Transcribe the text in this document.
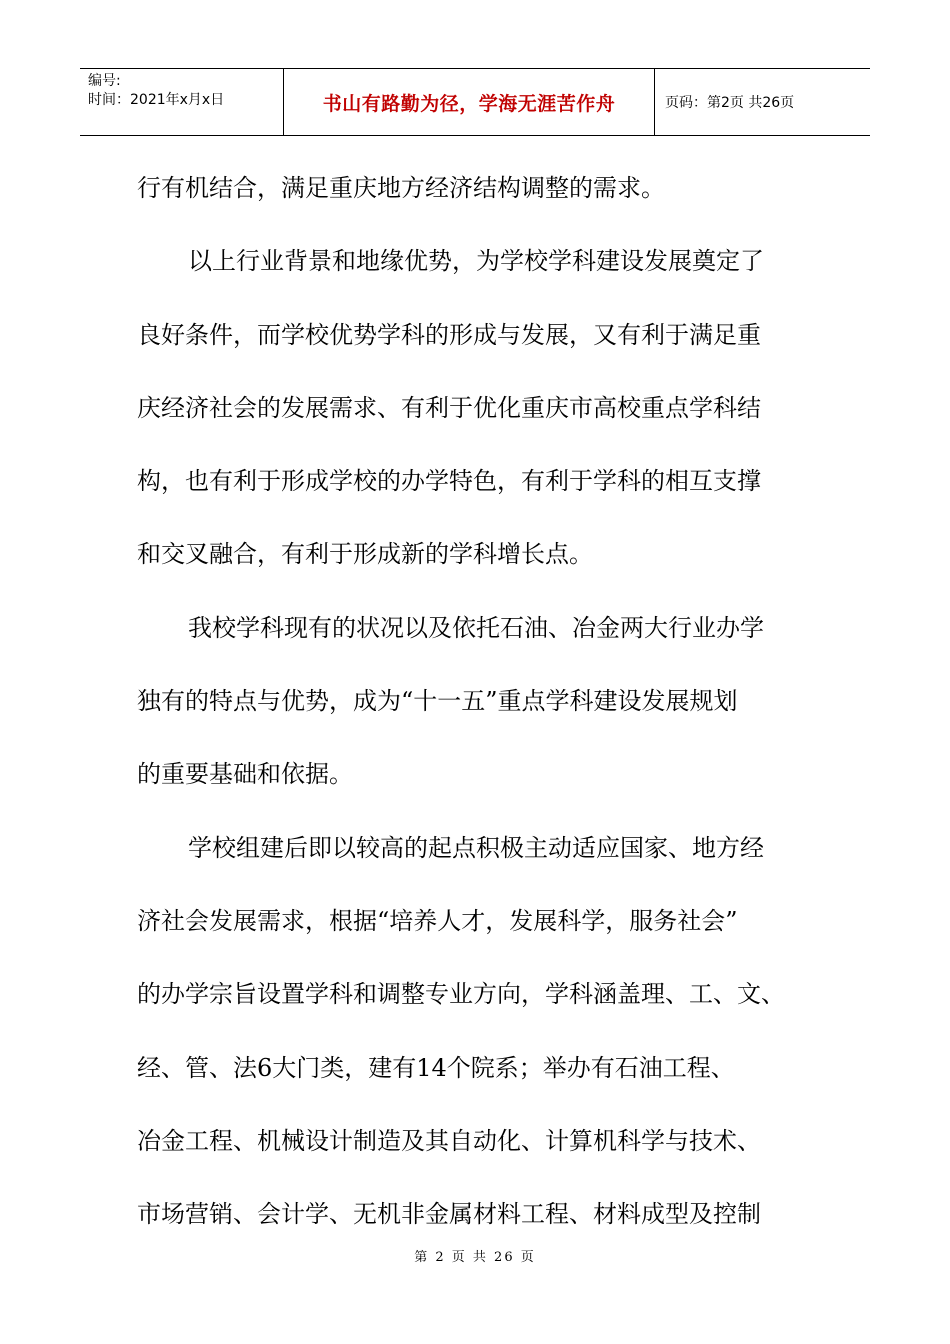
编号:
时间：2021年x月x日	书山有路勤为径，学海无涯苦作舟	页码：第2页 共26页
行有机结合，满足重庆地方经济结构调整的需求。
以上行业背景和地缘优势，为学校学科建设发展奠定了
良好条件，而学校优势学科的形成与发展，又有利于满足重
庆经济社会的发展需求、有利于优化重庆市高校重点学科结
构，也有利于形成学校的办学特色，有利于学科的相互支撑
和交叉融合，有利于形成新的学科增长点。
我校学科现有的状况以及依托石油、冶金两大行业办学
独有的特点与优势，成为“十一五”重点学科建设发展规划
的重要基础和依据。
学校组建后即以较高的起点积极主动适应国家、地方经
济社会发展需求，根据“培养人才，发展科学，服务社会”
的办学宗旨设置学科和调整专业方向，学科涵盖理、工、文、
经、管、法6大门类，建有14个院系；举办有石油工程、
冶金工程、机械设计制造及其自动化、计算机科学与技术、
市场营销、会计学、无机非金属材料工程、材料成型及控制
第 2 页 共 26 页
